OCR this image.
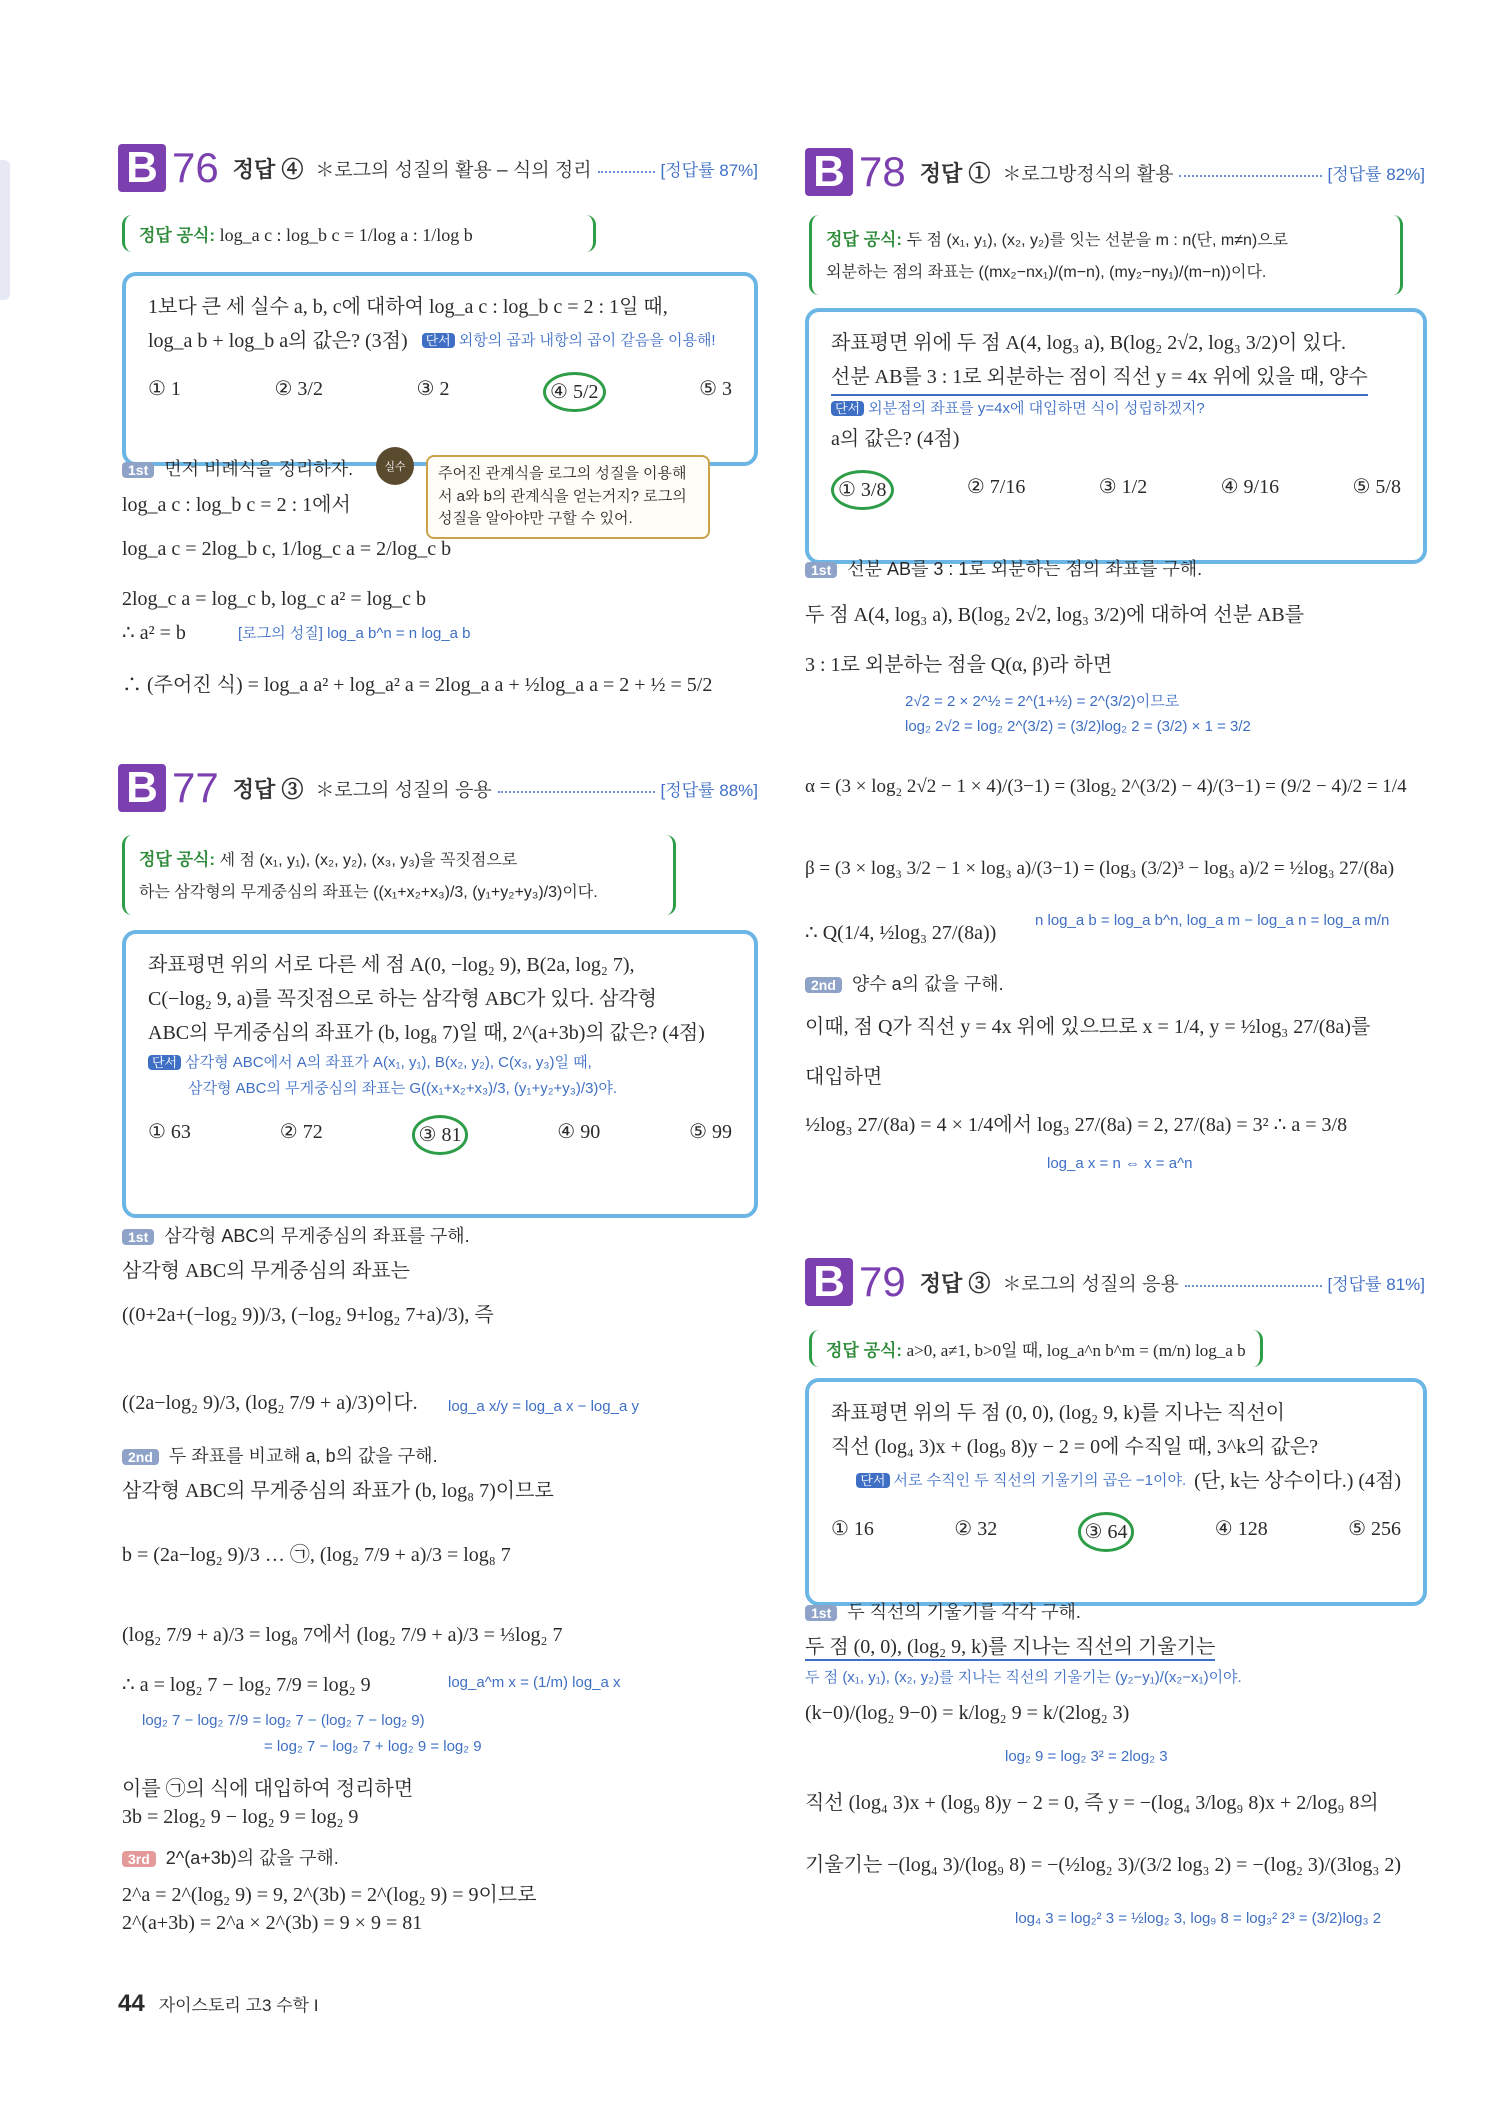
B 76 정답 ④ ＊로그의 성질의 활용 – 식의 정리	[정답률 87%]
정답 공식: log_a c : log_b c = 1/log a : 1/log b
1보다 큰 세 실수 a, b, c에 대하여 log_a c : log_b c = 2 : 1일 때,
log_a b + log_b a의 값은? (3점)	단서 외항의 곱과 내항의 곱이 같음을 이용해!
① 1	② 3/2	③ 2	④ 5/2	⑤ 3
1st 먼저 비례식을 정리하자.	실수	주어진 관계식을 로그의 성질을 이용해서 a와 b의 관계식을 얻는거지? 로그의 성질을 알아야만 구할 수 있어.
log_a c : log_b c = 2 : 1에서
log_a c = 2log_b c, 1/log_c a = 2/log_c b
2log_c a = log_c b, log_c a² = log_c b
∴ a² = b	[로그의 성질] log_a b^n = n log_a b
∴ (주어진 식) = log_a a² + log_a² a = 2log_a a + ½log_a a = 2 + ½ = 5/2
B 77 정답 ③ ＊로그의 성질의 응용	[정답률 88%]
정답 공식: 세 점 (x₁, y₁), (x₂, y₂), (x₃, y₃)을 꼭짓점으로
하는 삼각형의 무게중심의 좌표는 ((x₁+x₂+x₃)/3, (y₁+y₂+y₃)/3)이다.
좌표평면 위의 서로 다른 세 점 A(0, −log₂ 9), B(2a, log₂ 7),
C(−log₂ 9, a)를 꼭짓점으로 하는 삼각형 ABC가 있다. 삼각형
ABC의 무게중심의 좌표가 (b, log₈ 7)일 때, 2^(a+3b)의 값은? (4점)
단서 삼각형 ABC에서 A의 좌표가 A(x₁, y₁), B(x₂, y₂), C(x₃, y₃)일 때,
삼각형 ABC의 무게중심의 좌표는 G((x₁+x₂+x₃)/3, (y₁+y₂+y₃)/3)야.
① 63	② 72	③ 81	④ 90	⑤ 99
1st 삼각형 ABC의 무게중심의 좌표를 구해.
삼각형 ABC의 무게중심의 좌표는
((0+2a+(−log₂ 9))/3, (−log₂ 9+log₂ 7+a)/3), 즉
((2a−log₂ 9)/3, (log₂ 7/9 + a)/3)이다. log_a x/y = log_a x − log_a y
2nd 두 좌표를 비교해 a, b의 값을 구해.
삼각형 ABC의 무게중심의 좌표가 (b, log₈ 7)이므로
b = (2a−log₂ 9)/3 … ㉠, (log₂ 7/9 + a)/3 = log₈ 7
(log₂ 7/9 + a)/3 = log₈ 7에서 (log₂ 7/9 + a)/3 = ⅓log₂ 7
∴ a = log₂ 7 − log₂ 7/9 = log₂ 9	log_a^m x = (1/m) log_a x
log₂ 7 − log₂ 7/9 = log₂ 7 − (log₂ 7 − log₂ 9)
= log₂ 7 − log₂ 7 + log₂ 9 = log₂ 9
이를 ㉠의 식에 대입하여 정리하면
3b = 2log₂ 9 − log₂ 9 = log₂ 9
3rd 2^(a+3b)의 값을 구해.
2^a = 2^(log₂ 9) = 9, 2^(3b) = 2^(log₂ 9) = 9이므로
2^(a+3b) = 2^a × 2^(3b) = 9 × 9 = 81
B 78 정답 ① ＊로그방정식의 활용	[정답률 82%]
정답 공식: 두 점 (x₁, y₁), (x₂, y₂)를 잇는 선분을 m : n(단, m≠n)으로
외분하는 점의 좌표는 ((mx₂−nx₁)/(m−n), (my₂−ny₁)/(m−n))이다.
좌표평면 위에 두 점 A(4, log₃ a), B(log₂ 2√2, log₃ 3/2)이 있다.
선분 AB를 3 : 1로 외분하는 점이 직선 y = 4x 위에 있을 때, 양수
단서 외분점의 좌표를 y=4x에 대입하면 식이 성립하겠지?
a의 값은? (4점)
① 3/8	② 7/16	③ 1/2	④ 9/16	⑤ 5/8
1st 선분 AB를 3 : 1로 외분하는 점의 좌표를 구해.
두 점 A(4, log₃ a), B(log₂ 2√2, log₃ 3/2)에 대하여 선분 AB를
3 : 1로 외분하는 점을 Q(α, β)라 하면
2√2 = 2 × 2^½ = 2^(1+½) = 2^(3/2)이므로
log₂ 2√2 = log₂ 2^(3/2) = (3/2)log₂ 2 = (3/2) × 1 = 3/2
α = (3 × log₂ 2√2 − 1 × 4)/(3−1) = (3log₂ 2^(3/2) − 4)/(3−1) = (9/2 − 4)/2 = 1/4
β = (3 × log₃ 3/2 − 1 × log₃ a)/(3−1) = (log₃ (3/2)³ − log₃ a)/2 = ½log₃ 27/(8a)
∴ Q(1/4, ½log₃ 27/(8a))
n log_a b = log_a b^n, log_a m − log_a n = log_a m/n
2nd 양수 a의 값을 구해.
이때, 점 Q가 직선 y = 4x 위에 있으므로 x = 1/4, y = ½log₃ 27/(8a)를
대입하면
½log₃ 27/(8a) = 4 × 1/4에서 log₃ 27/(8a) = 2, 27/(8a) = 3² ∴ a = 3/8
log_a x = n ⇔ x = a^n
B 79 정답 ③ ＊로그의 성질의 응용	[정답률 81%]
정답 공식: a>0, a≠1, b>0일 때, log_a^n b^m = (m/n) log_a b
좌표평면 위의 두 점 (0, 0), (log₂ 9, k)를 지나는 직선이
직선 (log₄ 3)x + (log₉ 8)y − 2 = 0에 수직일 때, 3^k의 값은?
단서 서로 수직인 두 직선의 기울기의 곱은 −1이야. (단, k는 상수이다.) (4점)
① 16	② 32	③ 64	④ 128	⑤ 256
1st 두 직선의 기울기를 각각 구해.
두 점 (0, 0), (log₂ 9, k)를 지나는 직선의 기울기는
두 점 (x₁, y₁), (x₂, y₂)를 지나는 직선의 기울기는 (y₂−y₁)/(x₂−x₁)이야.
(k−0)/(log₂ 9−0) = k/log₂ 9 = k/(2log₂ 3)
log₂ 9 = log₂ 3² = 2log₂ 3
직선 (log₄ 3)x + (log₉ 8)y − 2 = 0, 즉 y = −(log₄ 3/log₉ 8)x + 2/log₉ 8의
기울기는 −(log₄ 3)/(log₉ 8) = −(½log₂ 3)/(3/2 log₃ 2) = −(log₂ 3)/(3log₃ 2)
log₄ 3 = log₂² 3 = ½log₂ 3, log₉ 8 = log₃² 2³ = (3/2)log₃ 2
44 자이스토리 고3 수학 I
